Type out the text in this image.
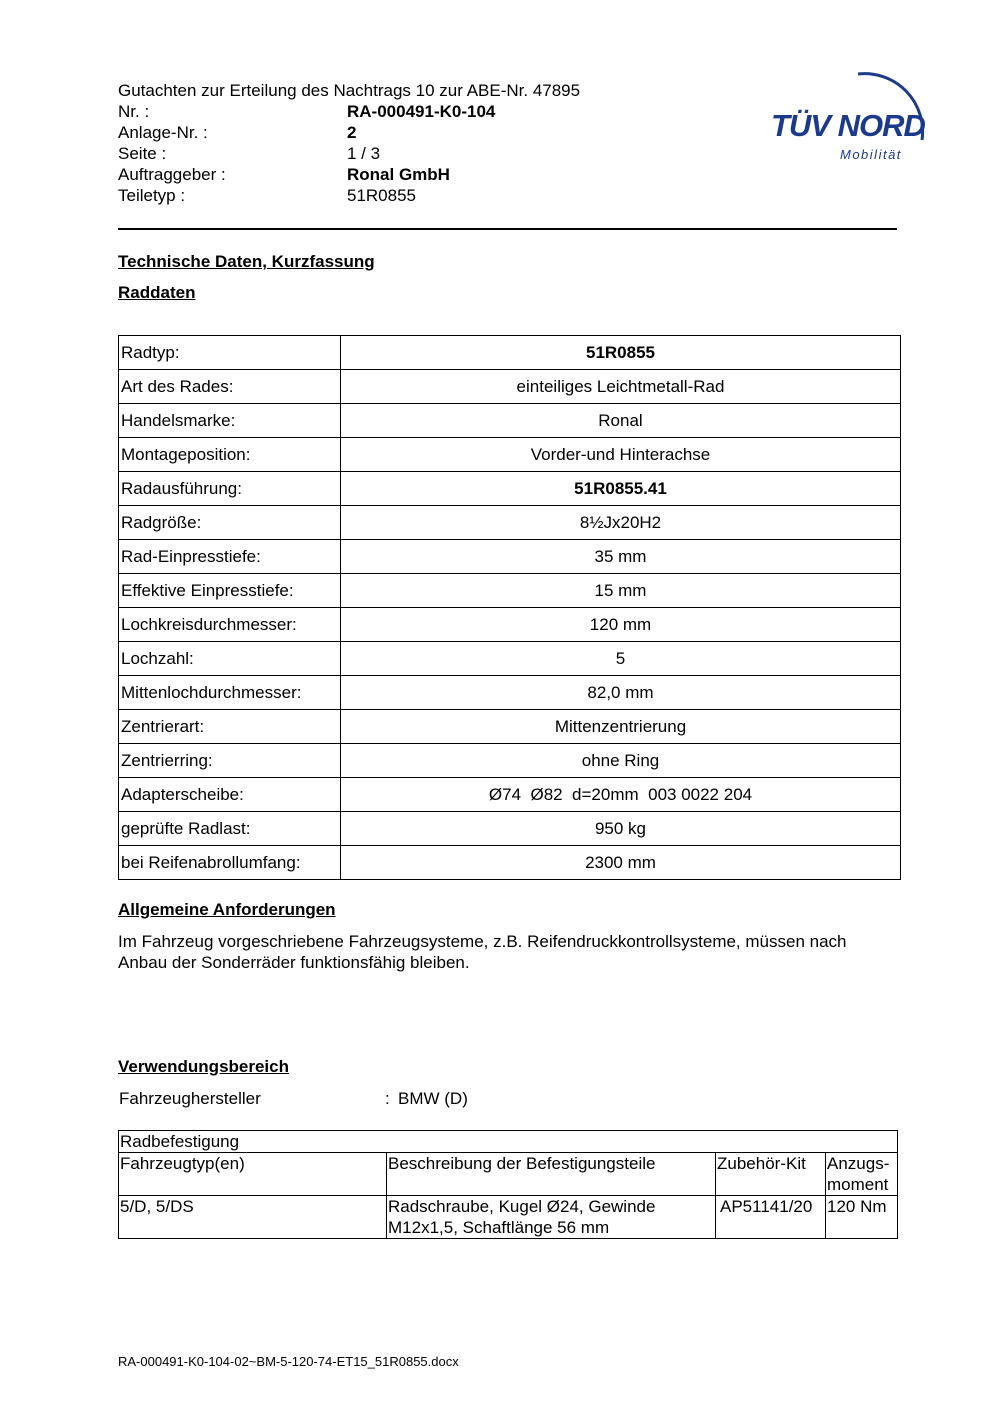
Gutachten zur Erteilung des Nachtrags 10 zur ABE-Nr. 47895
Nr. :	RA-000491-K0-104
Anlage-Nr. :	2
Seite :	1 / 3
Auftraggeber :	Ronal GmbH
Teiletyp :	51R0855
TÜV NORD
Mobilität
Technische Daten, Kurzfassung
Raddaten
Radtyp:	51R0855
Art des Rades:	einteiliges Leichtmetall-Rad
Handelsmarke:	Ronal
Montageposition:	Vorder-und Hinterachse
Radausführung:	51R0855.41
Radgröße:	8½Jx20H2
Rad-Einpresstiefe:	35 mm
Effektive Einpresstiefe:	15 mm
Lochkreisdurchmesser:	120 mm
Lochzahl:	5
Mittenlochdurchmesser:	82,0 mm
Zentrierart:	Mittenzentrierung
Zentrierring:	ohne Ring
Adapterscheibe:	Ø74  Ø82  d=20mm  003 0022 204
geprüfte Radlast:	950 kg
bei Reifenabrollumfang:	2300 mm
Allgemeine Anforderungen
Im Fahrzeug vorgeschriebene Fahrzeugsysteme, z.B. Reifendruckkontrollsysteme, müssen nach Anbau der Sonderräder funktionsfähig bleiben.
Verwendungsbereich
Fahrzeughersteller	: BMW (D)
Radbefestigung			
Fahrzeugtyp(en)	Beschreibung der Befestigungsteile	Zubehör-Kit	Anzugs-moment
5/D, 5/DS	Radschraube, Kugel Ø24, Gewinde M12x1,5, Schaftlänge 56 mm	AP51141/20	120 Nm
RA-000491-K0-104-02~BM-5-120-74-ET15_51R0855.docx
